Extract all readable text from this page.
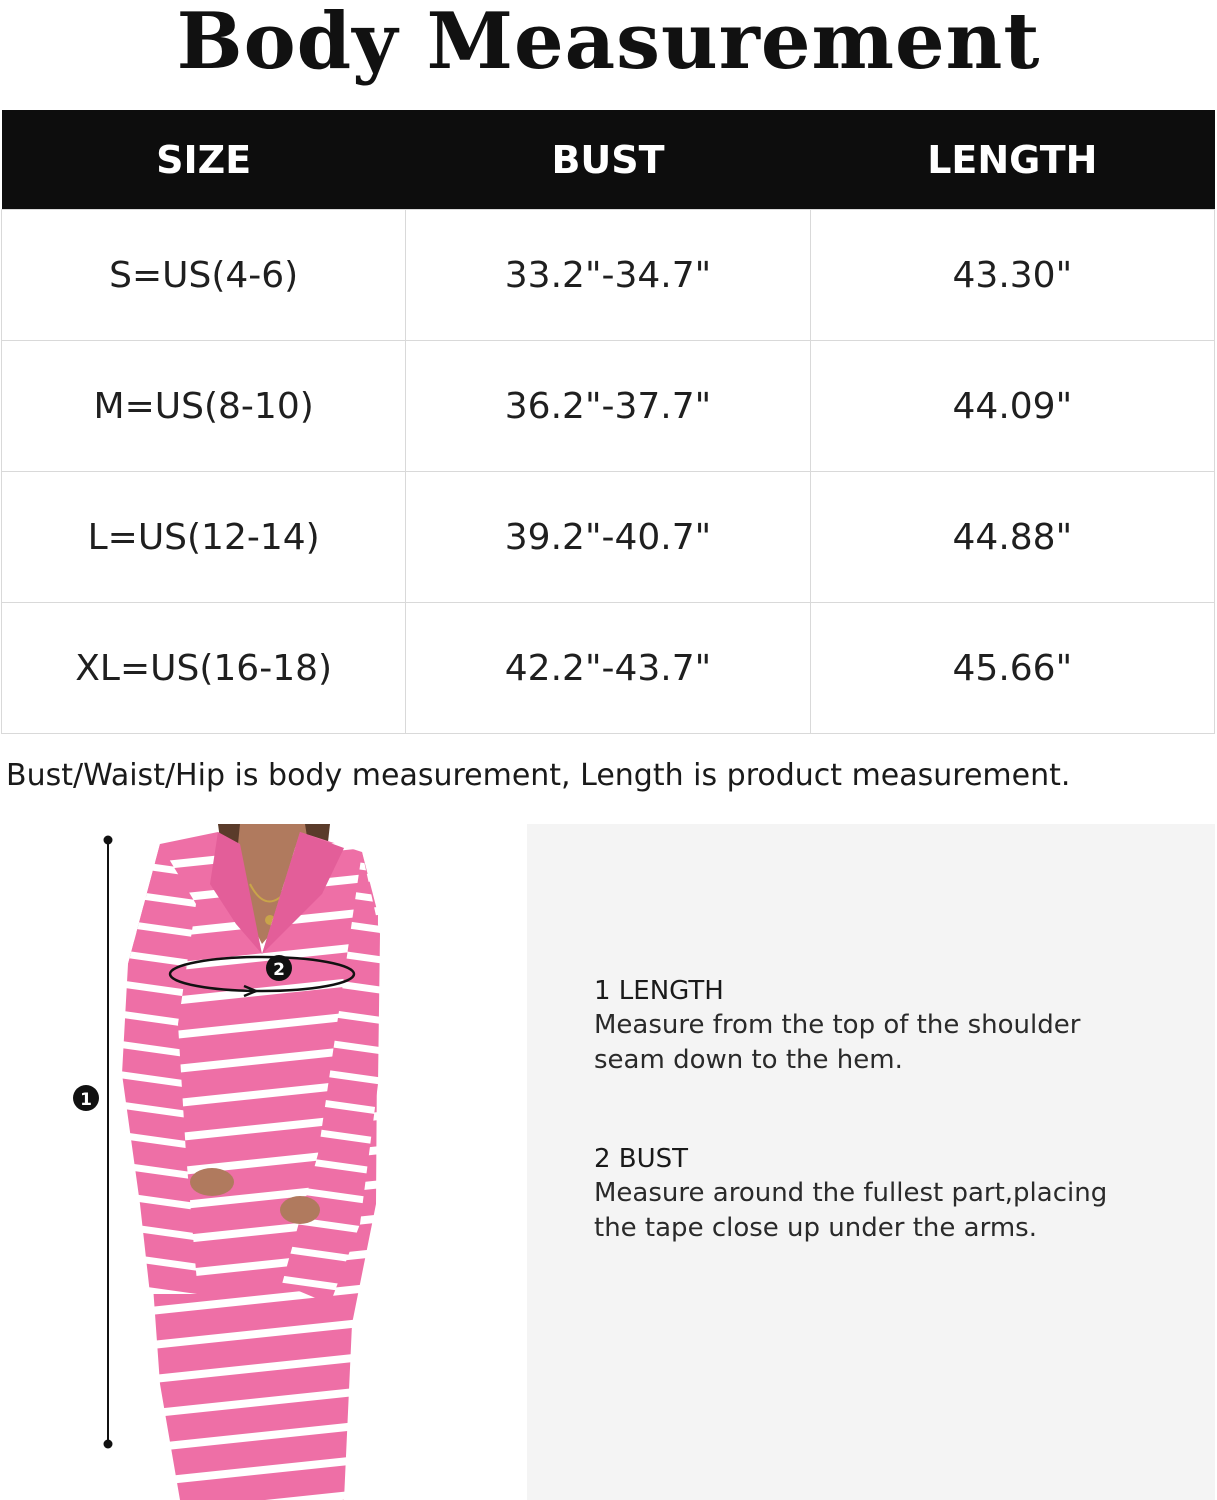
Body Measurement
SIZE	BUST	LENGTH
S=US(4-6)	33.2"-34.7"	43.30"
M=US(8-10)	36.2"-37.7"	44.09"
L=US(12-14)	39.2"-40.7"	44.88"
XL=US(16-18)	42.2"-43.7"	45.66"
Bust/Waist/Hip is body measurement, Length is product measurement.
1
2
1 LENGTH
Measure from the top of the shoulder
seam down to the hem.
2 BUST
Measure around the fullest part,placing
the tape close up under the arms.
